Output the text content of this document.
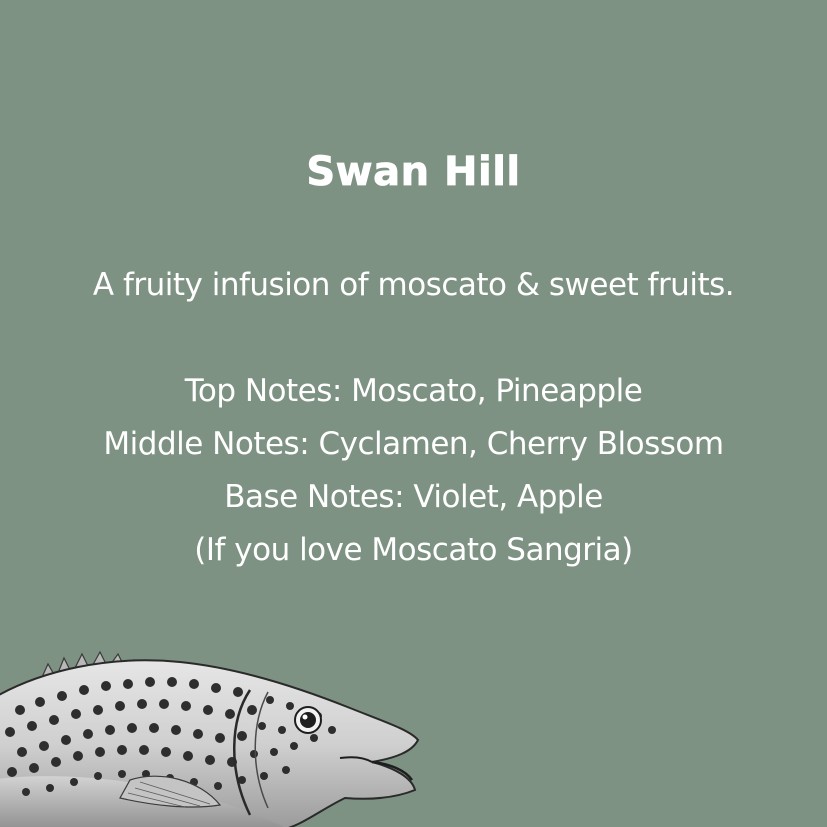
Swan Hill
A fruity infusion of moscato & sweet fruits.
Top Notes: Moscato, Pineapple
Middle Notes: Cyclamen, Cherry Blossom
Base Notes: Violet, Apple
(If you love Moscato Sangria)
